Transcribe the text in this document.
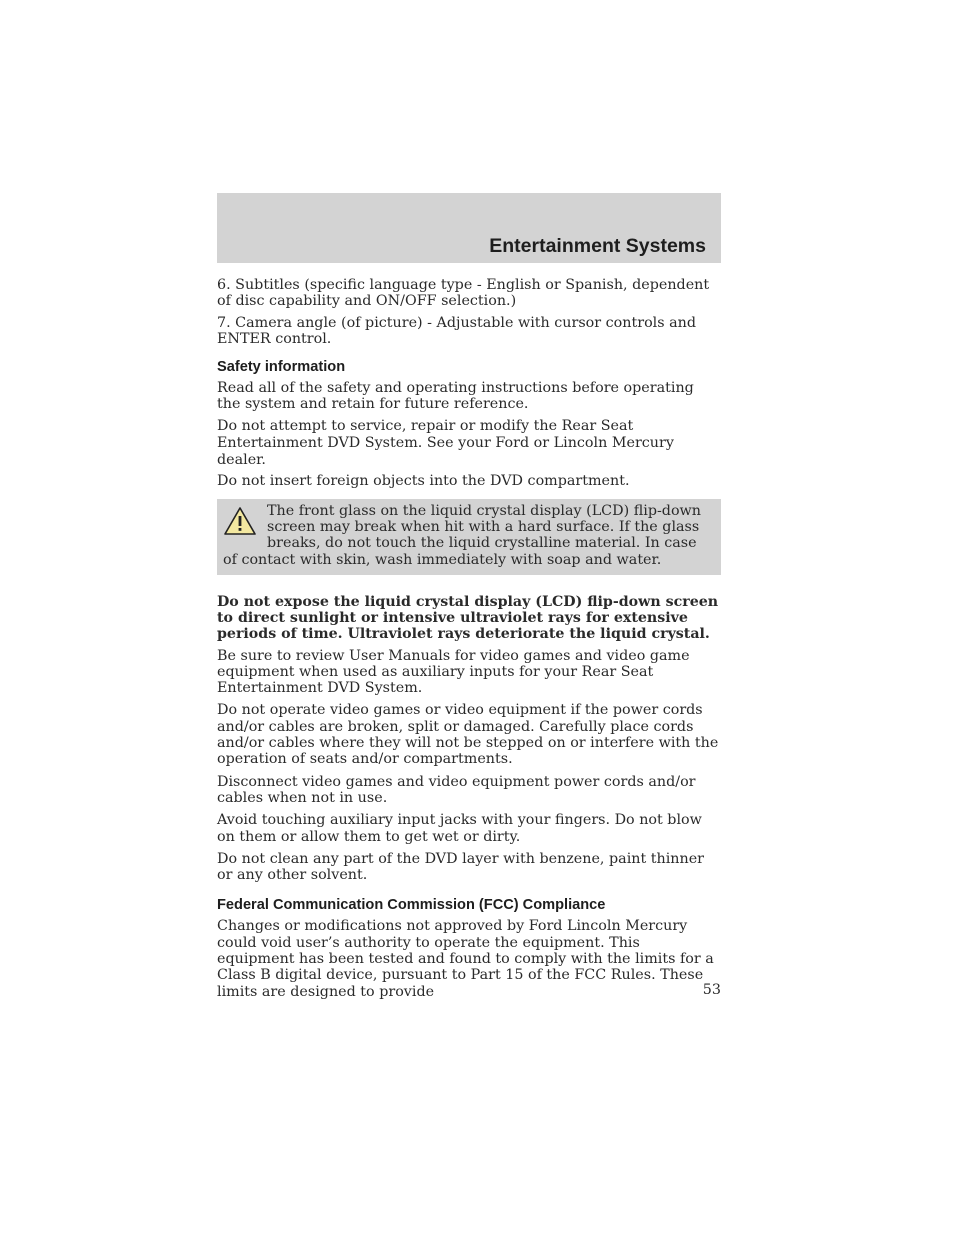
Entertainment Systems

6. Subtitles (specific language type - English or Spanish, dependent of disc capability and ON/OFF selection.)

7. Camera angle (of picture) - Adjustable with cursor controls and ENTER control.

Safety information

Read all of the safety and operating instructions before operating the system and retain for future reference.

Do not attempt to service, repair or modify the Rear Seat Entertainment DVD System. See your Ford or Lincoln Mercury dealer.

Do not insert foreign objects into the DVD compartment.

The front glass on the liquid crystal display (LCD) flip-down screen may break when hit with a hard surface. If the glass breaks, do not touch the liquid crystalline material. In case of contact with skin, wash immediately with soap and water.

Do not expose the liquid crystal display (LCD) flip-down screen to direct sunlight or intensive ultraviolet rays for extensive periods of time. Ultraviolet rays deteriorate the liquid crystal.

Be sure to review User Manuals for video games and video game equipment when used as auxiliary inputs for your Rear Seat Entertainment DVD System.

Do not operate video games or video equipment if the power cords and/or cables are broken, split or damaged. Carefully place cords and/or cables where they will not be stepped on or interfere with the operation of seats and/or compartments.

Disconnect video games and video equipment power cords and/or cables when not in use.

Avoid touching auxiliary input jacks with your fingers. Do not blow on them or allow them to get wet or dirty.

Do not clean any part of the DVD layer with benzene, paint thinner or any other solvent.

Federal Communication Commission (FCC) Compliance

Changes or modifications not approved by Ford Lincoln Mercury could void user’s authority to operate the equipment. This equipment has been tested and found to comply with the limits for a Class B digital device, pursuant to Part 15 of the FCC Rules. These limits are designed to provide	53
